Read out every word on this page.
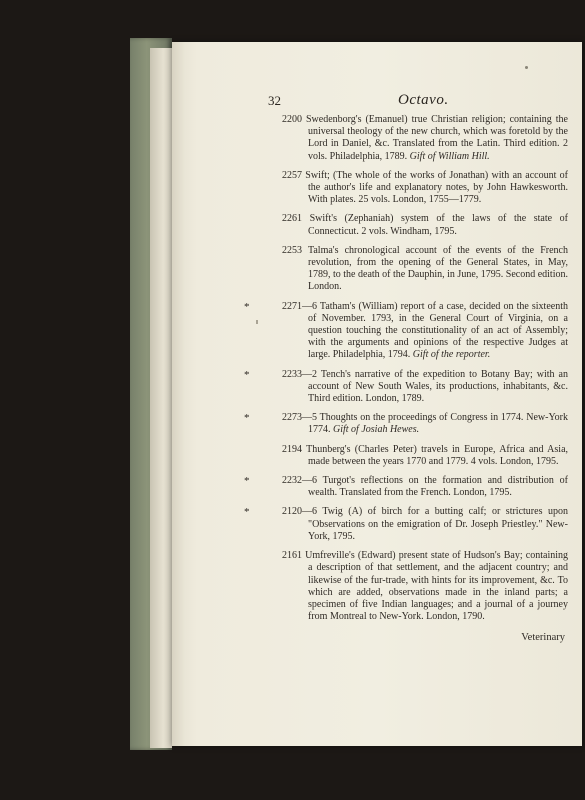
32	Octavo.
2200 Swedenborg's (Emanuel) true Christian religion; containing the universal theology of the new church, which was foretold by the Lord in Daniel, &c. Translated from the Latin. Third edition. 2 vols. Philadelphia, 1789. Gift of William Hill.
2257 Swift; (The whole of the works of Jonathan) with an account of the author's life and explanatory notes, by John Hawkesworth. With plates. 25 vols. London, 1755—1779.
2261 Swift's (Zephaniah) system of the laws of the state of Connecticut. 2 vols. Windham, 1795.
2253 Talma's chronological account of the events of the French revolution, from the opening of the General States, in May, 1789, to the death of the Dauphin, in June, 1795. Second edition. London.
2271—6 Tatham's (William) report of a case, decided on the sixteenth of November. 1793, in the General Court of Virginia, on a question touching the constitutionality of an act of Assembly; with the arguments and opinions of the respective Judges at large. Philadelphia, 1794. Gift of the reporter.
2233—2 Tench's narrative of the expedition to Botany Bay; with an account of New South Wales, its productions, inhabitants, &c. Third edition. London, 1789.
2273—5 Thoughts on the proceedings of Congress in 1774. New-York 1774. Gift of Josiah Hewes.
2194 Thunberg's (Charles Peter) travels in Europe, Africa and Asia, made between the years 1770 and 1779. 4 vols. London, 1795.
2232—6 Turgot's reflections on the formation and distribution of wealth. Translated from the French. London, 1795.
2120—6 Twig (A) of birch for a butting calf; or strictures upon "Observations on the emigration of Dr. Joseph Priestley." New-York, 1795.
2161 Umfreville's (Edward) present state of Hudson's Bay; containing a description of that settlement, and the adjacent country; and likewise of the fur-trade, with hints for its improvement, &c. To which are added, observations made in the inland parts; a specimen of five Indian languages; and a journal of a journey from Montreal to New-York. London, 1790.
Veterinary
